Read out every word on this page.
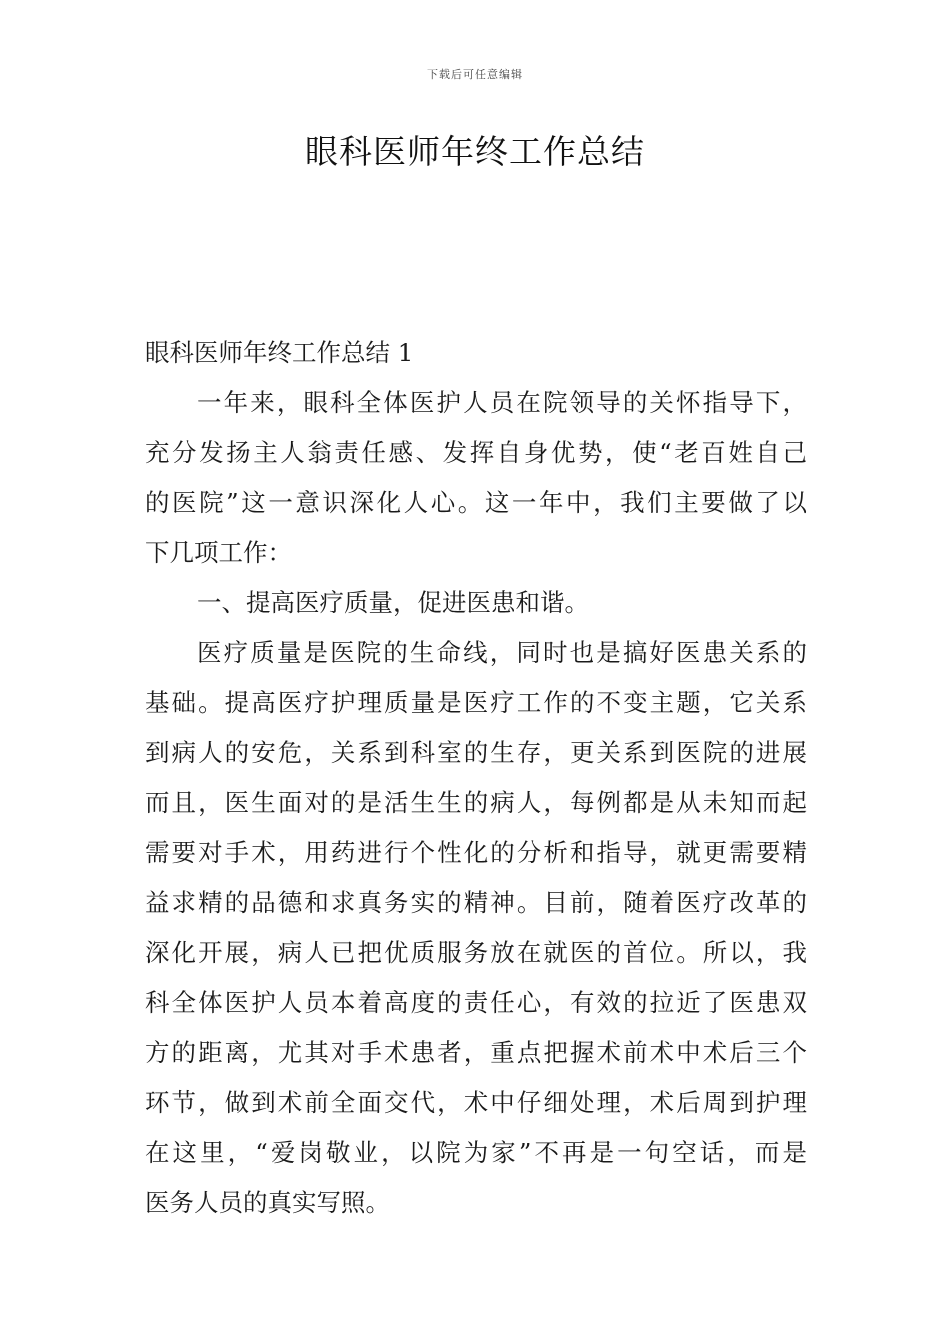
下载后可任意编辑
眼科医师年终工作总结
眼科医师年终工作总结 1
一年来，眼科全体医护人员在院领导的关怀指导下，
充分发扬主人翁责任感、发挥自身优势，使“老百姓自己
的医院”这一意识深化人心。这一年中，我们主要做了以
下几项工作：
一、提高医疗质量，促进医患和谐。
医疗质量是医院的生命线，同时也是搞好医患关系的
基础。提高医疗护理质量是医疗工作的不变主题，它关系
到病人的安危，关系到科室的生存，更关系到医院的进展
而且，医生面对的是活生生的病人，每例都是从未知而起
需要对手术，用药进行个性化的分析和指导，就更需要精
益求精的品德和求真务实的精神。目前，随着医疗改革的
深化开展，病人已把优质服务放在就医的首位。所以，我
科全体医护人员本着高度的责任心，有效的拉近了医患双
方的距离，尤其对手术患者，重点把握术前术中术后三个
环节，做到术前全面交代，术中仔细处理，术后周到护理
在这里，“爱岗敬业，以院为家”不再是一句空话，而是
医务人员的真实写照。
